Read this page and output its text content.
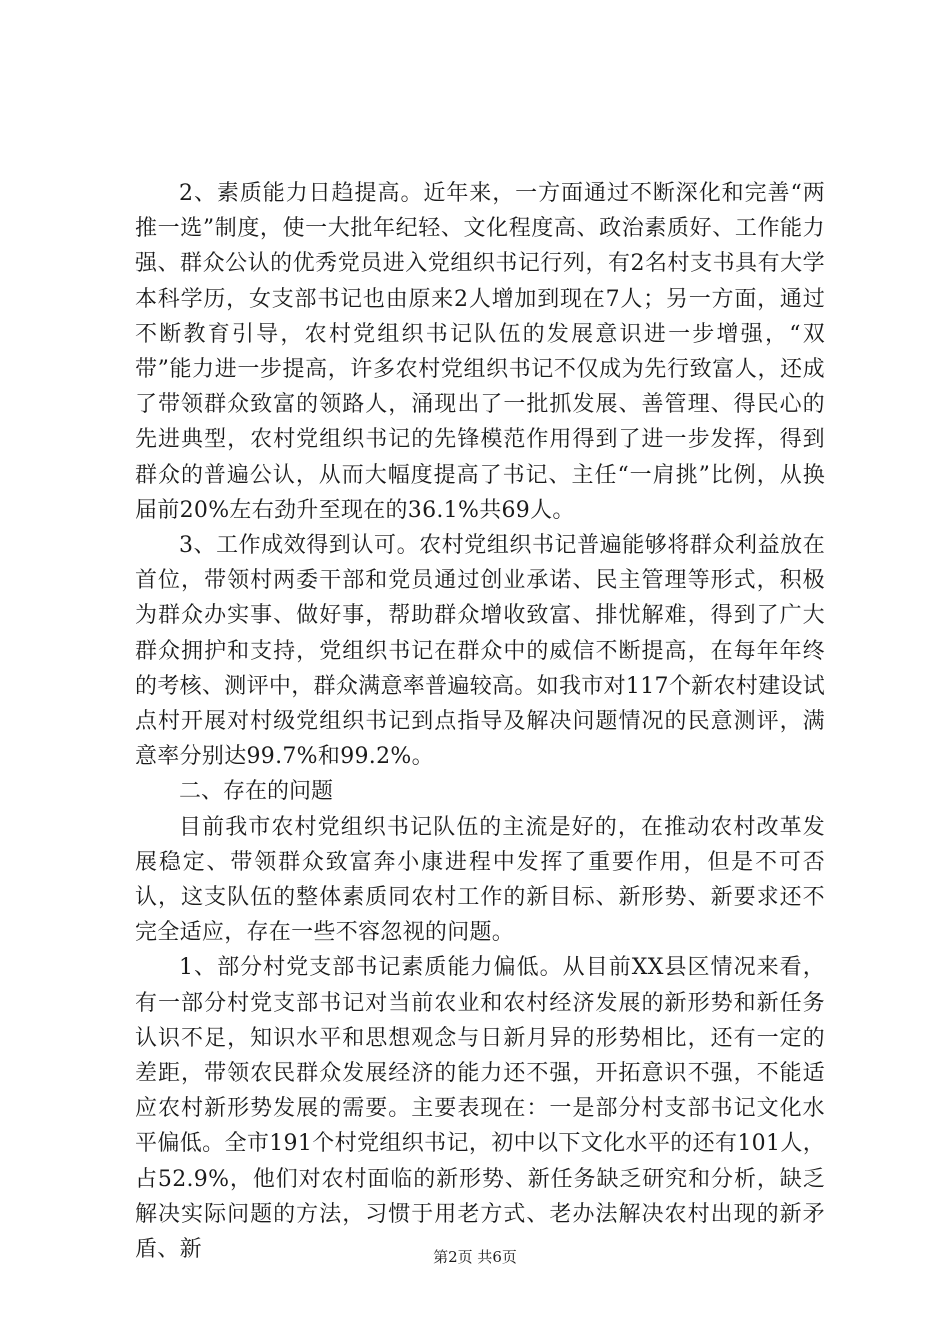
2、素质能力日趋提高。近年来，一方面通过不断深化和完善“两推一选”制度，使一大批年纪轻、文化程度高、政治素质好、工作能力强、群众公认的优秀党员进入党组织书记行列，有2名村支书具有大学本科学历，女支部书记也由原来2人增加到现在7人；另一方面，通过不断教育引导，农村党组织书记队伍的发展意识进一步增强，“双带”能力进一步提高，许多农村党组织书记不仅成为先行致富人，还成了带领群众致富的领路人，涌现出了一批抓发展、善管理、得民心的先进典型，农村党组织书记的先锋模范作用得到了进一步发挥，得到群众的普遍公认，从而大幅度提高了书记、主任“一肩挑”比例，从换届前20%左右劲升至现在的36.1%共69人。

3、工作成效得到认可。农村党组织书记普遍能够将群众利益放在首位，带领村两委干部和党员通过创业承诺、民主管理等形式，积极为群众办实事、做好事，帮助群众增收致富、排忧解难，得到了广大群众拥护和支持，党组织书记在群众中的威信不断提高，在每年年终的考核、测评中，群众满意率普遍较高。如我市对117个新农村建设试点村开展对村级党组织书记到点指导及解决问题情况的民意测评，满意率分别达99.7%和99.2%。

二、存在的问题

目前我市农村党组织书记队伍的主流是好的，在推动农村改革发展稳定、带领群众致富奔小康进程中发挥了重要作用，但是不可否认，这支队伍的整体素质同农村工作的新目标、新形势、新要求还不完全适应，存在一些不容忽视的问题。

1、部分村党支部书记素质能力偏低。从目前XX县区情况来看，有一部分村党支部书记对当前农业和农村经济发展的新形势和新任务认识不足，知识水平和思想观念与日新月异的形势相比，还有一定的差距，带领农民群众发展经济的能力还不强，开拓意识不强，不能适应农村新形势发展的需要。主要表现在：一是部分村支部书记文化水平偏低。全市191个村党组织书记，初中以下文化水平的还有101人，占52.9%，他们对农村面临的新形势、新任务缺乏研究和分析，缺乏解决实际问题的方法，习惯于用老方式、老办法解决农村出现的新矛盾、新	第2页 共6页
